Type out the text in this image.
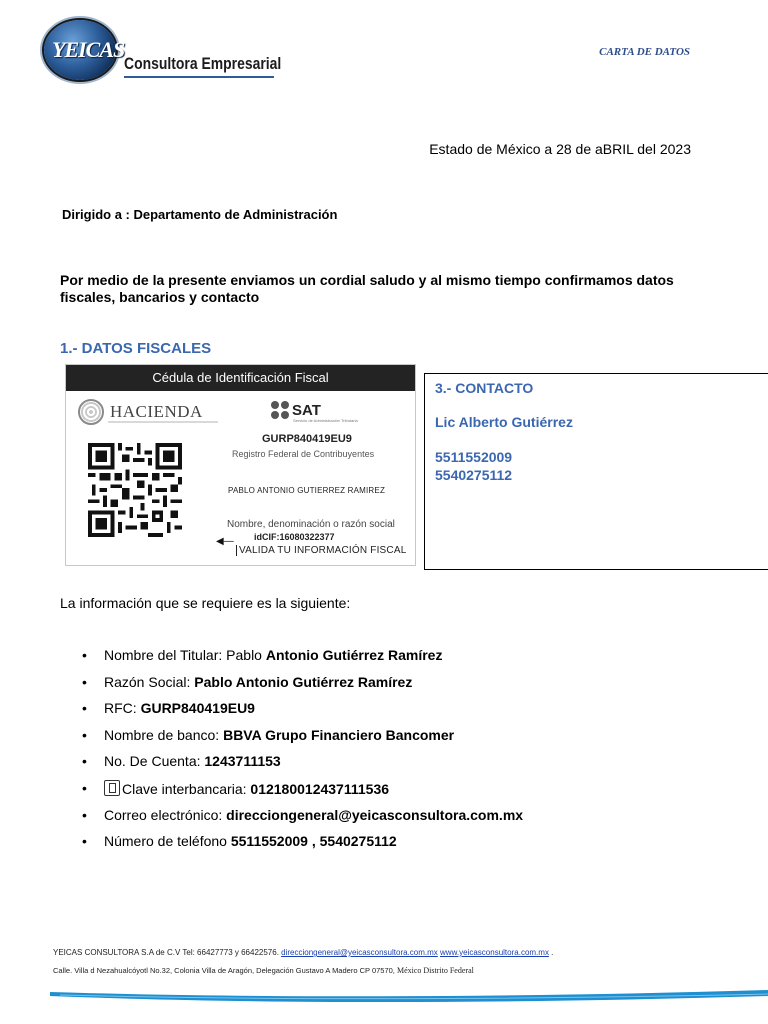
YEICAS
Consultora Empresarial
CARTA DE DATOS
Estado de México a 28 de aBRIL del 2023
Dirigido a : Departamento de Administración
Por medio de la presente enviamos un cordial saludo y al mismo tiempo confirmamos datos fiscales, bancarios y contacto
1.- DATOS FISCALES
Cédula de Identificación Fiscal
HACIENDA	SAT
Servicio de Administración Tributaria
GURP840419EU9
Registro Federal de Contribuyentes
PABLO ANTONIO GUTIERREZ RAMIREZ
Nombre, denominación o razón social
◀— idCIF:16080322377
VALIDA TU INFORMACIÓN FISCAL
3.- CONTACTO
Lic Alberto Gutiérrez
5511552009
5540275112
La información que se requiere es la siguiente:
• Nombre del Titular: Pablo Antonio Gutiérrez Ramírez
• Razón Social: Pablo Antonio Gutiérrez Ramírez
• RFC: GURP840419EU9
• Nombre de banco: BBVA Grupo Financiero Bancomer
• No. De Cuenta: 1243711153
• Clave interbancaria: 012180012437111536
• Correo electrónico: direcciongeneral@yeicasconsultora.com.mx
• Número de teléfono 5511552009 , 5540275112
YEICAS CONSULTORA S.A de C.V Tel: 66427773 y 66422576. direcciongeneral@yeicasconsultora.com.mx www.yeicasconsultora.com.mx .
Calle. Villa d Nezahualcóyotl No.32, Colonia Villa de Aragón, Delegación Gustavo A Madero CP 07570, México Distrito Federal
